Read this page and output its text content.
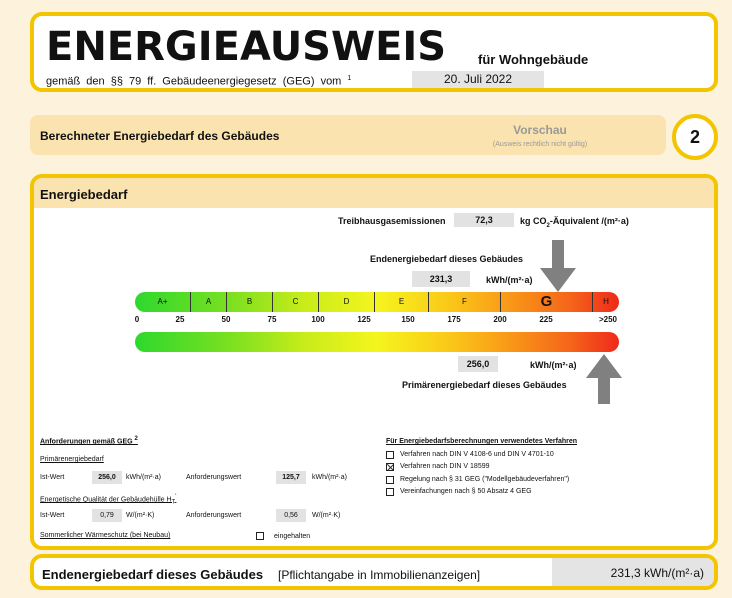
ENERGIEAUSWEIS für Wohngebäude
gemäß den §§ 79 ff. Gebäudeenergiegesetz (GEG) vom $^1$	20. Juli 2022
Berechneter Energiebedarf des Gebäudes	Vorschau
(Ausweis rechtlich nicht gültig)	2
Energiebedarf
Treibhausgasemissionen	72,3	kg $CO_2$-Äquivalent /(m²·a)
Endenergiebedarf dieses Gebäudes
231,3	kWh/(m²·a)
A+	A	B	C	D	E	F	G	H
0	25	50	75	100	125	150	175	200	225	>250
256,0	kWh/(m²·a)
Primärenergiebedarf dieses Gebäudes
Anforderungen gemäß GEG $^2$
Primärenergiebedarf
Ist-Wert	256,0	kWh/(m²·a)	Anforderungswert	125,7	kWh/(m²·a)
Energetische Qualität der Gebäudehülle $H_T'$
Ist-Wert	0,79	W/(m²·K)	Anforderungswert	0,56	W/(m²·K)
Sommerlicher Wärmeschutz (bei Neubau)	eingehalten
Für Energiebedarfsberechnungen verwendetes Verfahren
Verfahren nach DIN V 4108-6 und DIN V 4701-10
Verfahren nach DIN V 18599
Regelung nach § 31 GEG ("Modellgebäudeverfahren")
Vereinfachungen nach § 50 Absatz 4 GEG
Endenergiebedarf dieses Gebäudes [Pflichtangabe in Immobilienanzeigen]	231,3 kWh/(m²·a)
